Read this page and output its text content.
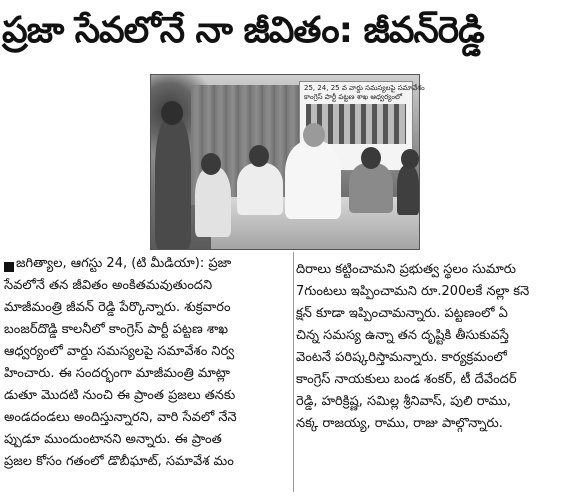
ప్రజా సేవలోనే నా జీవితం: జీవన్‌రెడ్డి
25, 24, 25 వ వార్డు సమస్యలపై సమావేశం
కాంగ్రెస్ పార్టీ పట్టణ శాఖ ఆధ్వర్యంలో
జగిత్యాల, ఆగస్టు 24, (టి మీడియా): ప్రజా
సేవలోనే తన జీవితం అంకితమవుతుందని
మాజీమంత్రి జీవన్ రెడ్డి పేర్కొన్నారు. శుక్రవారం
బంజర్‌దొడ్డి కాలనీలో కాంగ్రెస్ పార్టీ పట్టణ శాఖ
ఆధ్వర్యంలో వార్డు సమస్యలపై సమావేశం నిర్వ
హించారు. ఈ సందర్భంగా మాజీమంత్రి మాట్లా
డుతూ మొదటి నుంచి ఈ ప్రాంత ప్రజలు తనకు
అండదండలు అందిస్తున్నారని, వారి సేవలో నేనె
ప్పుడూ ముందుంటానని అన్నారు. ఈ ప్రాంత
ప్రజల కోసం గతంలో డొబీఘాట్, సమావేశ మం
దిరాలు కట్టించామని ప్రభుత్వ స్థలం సుమారు
7గుంటలు ఇప్పించామని రూ.200లకే నల్లా కనె
క్షన్ కూడా ఇప్పించామన్నారు. పట్టణంలో ఏ
చిన్న సమస్య ఉన్నా తన దృష్టికి తీసుకువస్తే
వెంటనే పరిష్కరిస్తామన్నారు. కార్యక్రమంలో
కాంగ్రెస్ నాయకులు బండ శంకర్, టీ దేవేందర్
రెడ్డి, హరిక్రిష్ణ, సమిల్ల శ్రీనివాస్, పులి రాము,
నక్క రాజయ్య, రాము, రాజు పాల్గొన్నారు.
